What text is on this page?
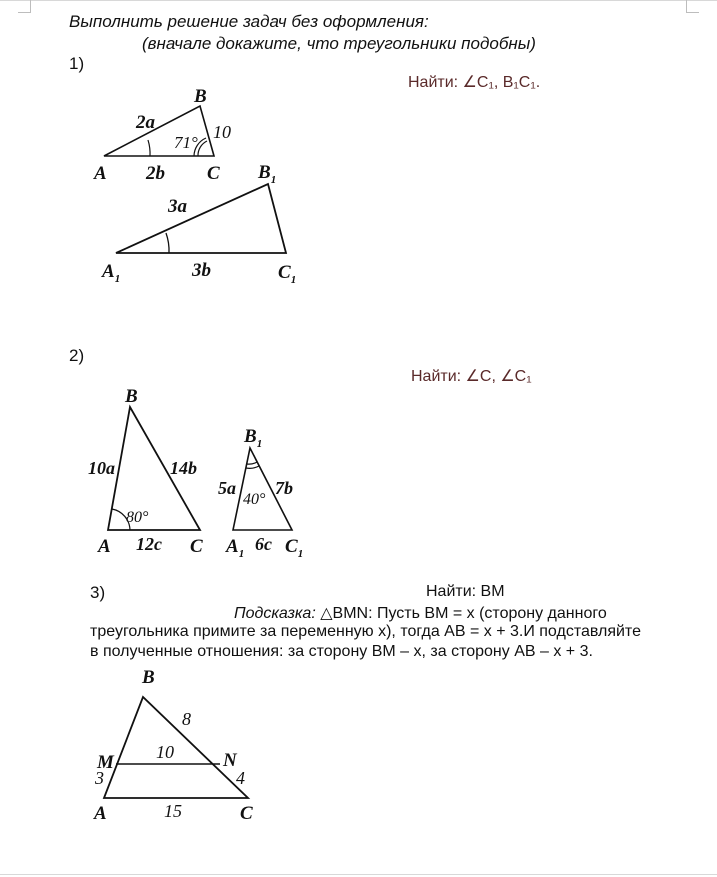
Выполнить решение задач без оформления:
(вначале докажите, что треугольники подобны)
1)
Найти: ∠C₁, B₁C₁.
B
2a	10
71°
A 2b C $B_1$
3a
$A_1$	3b	$C_1$
2)
Найти: ∠C, ∠C₁
B
10a	14b
80°
A 12c C
$B_1$
5a
40°
7b
$A_1$ 6c $C_1$
3)	Найти: BM
Подсказка: △BMN: Пусть BM = x (сторону данного
треугольника примите за переменную x), тогда AB = x + 3.И подставляйте
в полученные отношения: за сторону BM – x, за сторону AB – x + 3.
B
8
10
M	N
3	4
A	15	C
